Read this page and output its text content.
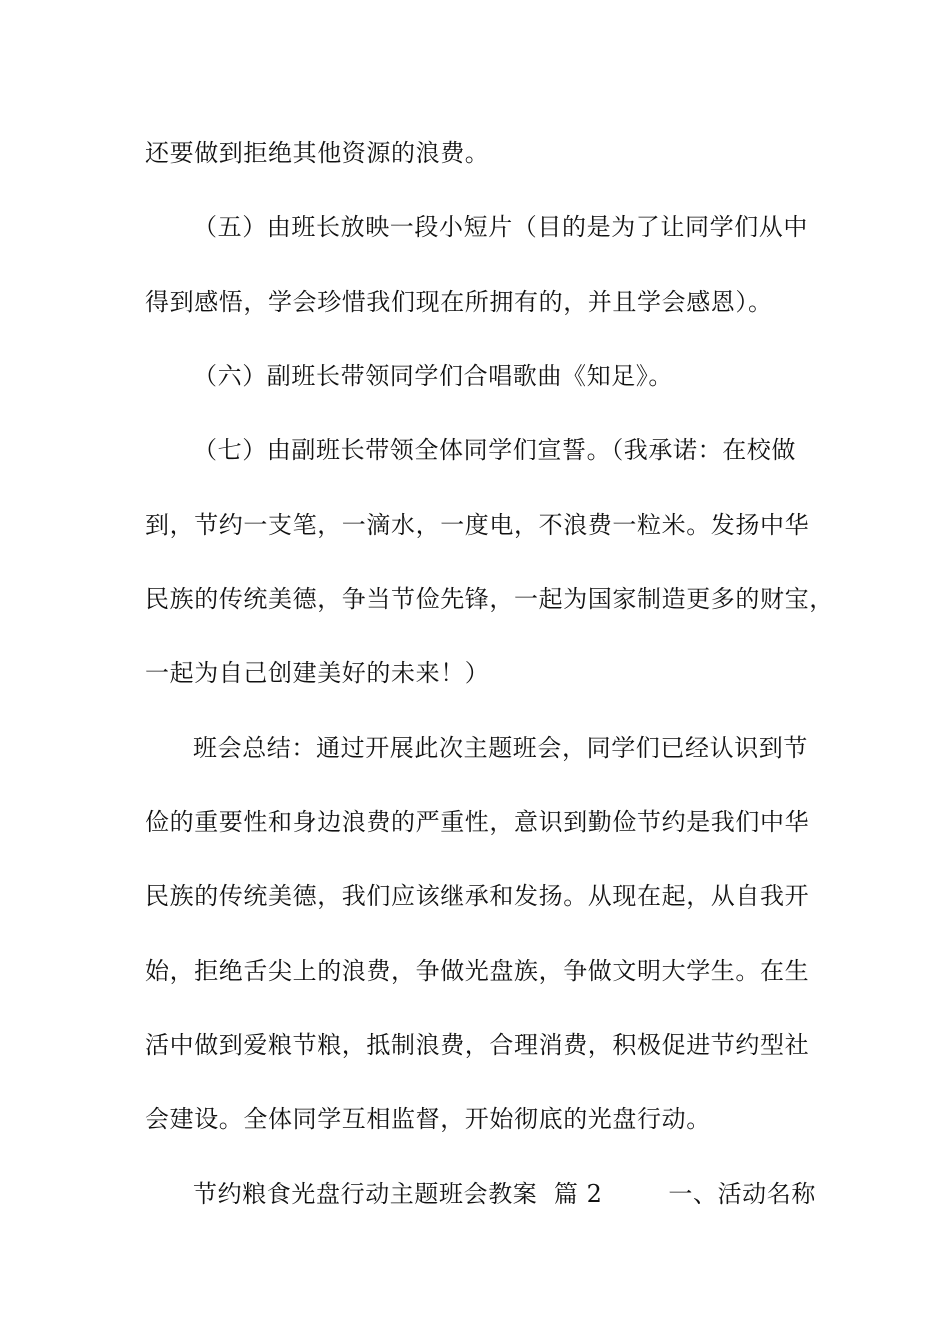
还要做到拒绝其他资源的浪费。
（五）由班长放映一段小短片（目的是为了让同学们从中
得到感悟，学会珍惜我们现在所拥有的，并且学会感恩）。
（六）副班长带领同学们合唱歌曲《知足》。
（七）由副班长带领全体同学们宣誓。（我承诺：在校做
到，节约一支笔，一滴水，一度电，不浪费一粒米。发扬中华
民族的传统美德，争当节俭先锋，一起为国家制造更多的财宝，
一起为自己创建美好的未来！）
班会总结：通过开展此次主题班会，同学们已经认识到节
俭的重要性和身边浪费的严重性，意识到勤俭节约是我们中华
民族的传统美德，我们应该继承和发扬。从现在起，从自我开
始，拒绝舌尖上的浪费，争做光盘族，争做文明大学生。在生
活中做到爱粮节粮，抵制浪费，合理消费，积极促进节约型社
会建设。全体同学互相监督，开始彻底的光盘行动。
节约粮食光盘行动主题班会教案  篇 2        一、活动名称
